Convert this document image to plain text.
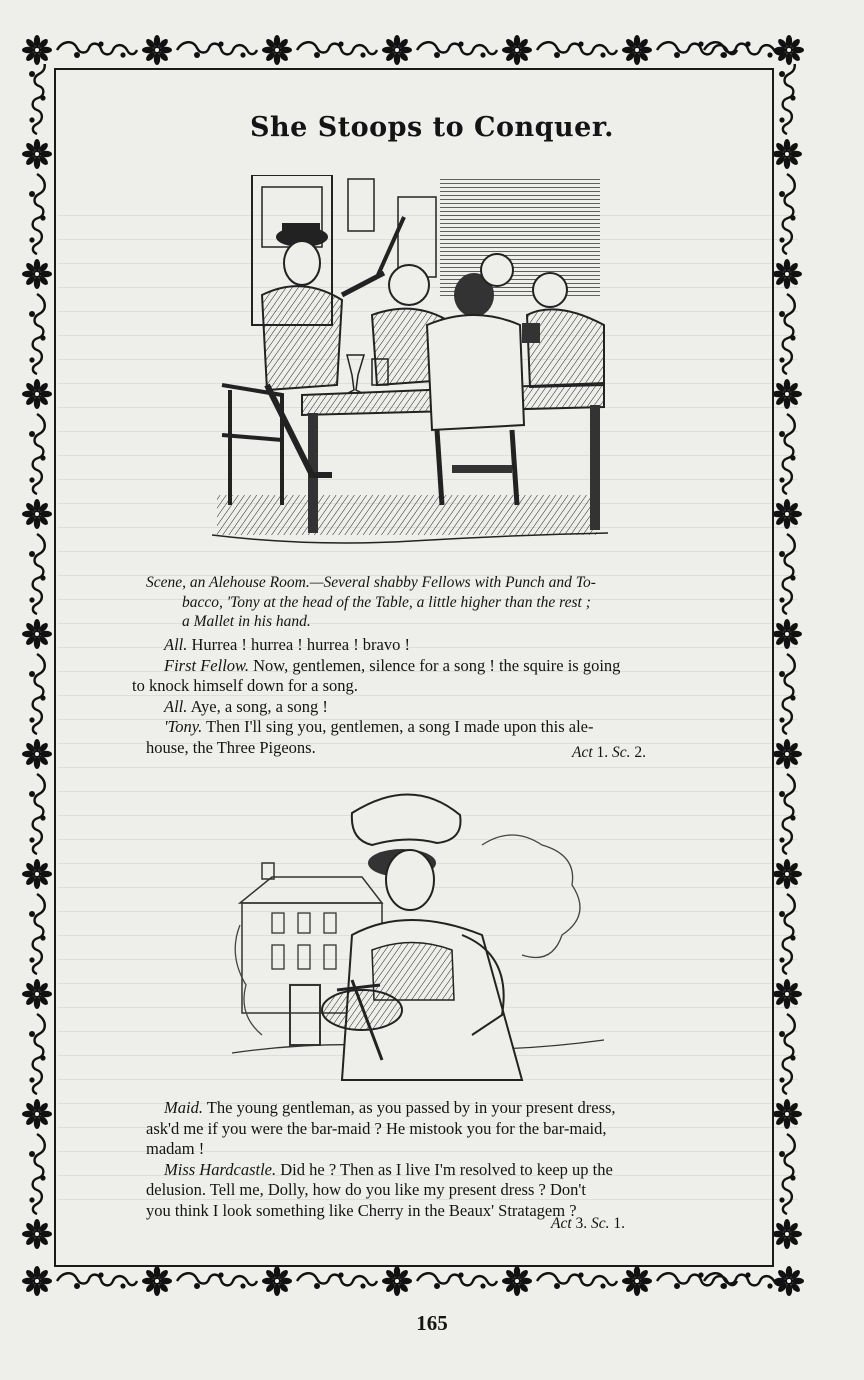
She Stoops to Conquer.
Scene, an Alehouse Room.—Several shabby Fellows with Punch and To-
bacco, 'Tony at the head of the Table, a little higher than the rest ;
a Mallet in his hand.
All. Hurrea ! hurrea ! hurrea ! bravo !
First Fellow. Now, gentlemen, silence for a song ! the squire is going
to knock himself down for a song.
All. Aye, a song, a song !
'Tony. Then I'll sing you, gentlemen, a song I made upon this ale-
house, the Three Pigeons.	Act 1. Sc. 2.
Maid. The young gentleman, as you passed by in your present dress,
ask'd me if you were the bar-maid ? He mistook you for the bar-maid,
madam !
Miss Hardcastle. Did he ? Then as I live I'm resolved to keep up the
delusion. Tell me, Dolly, how do you like my present dress ? Don't
you think I look something like Cherry in the Beaux' Stratagem ?
Act 3. Sc. 1.
165
